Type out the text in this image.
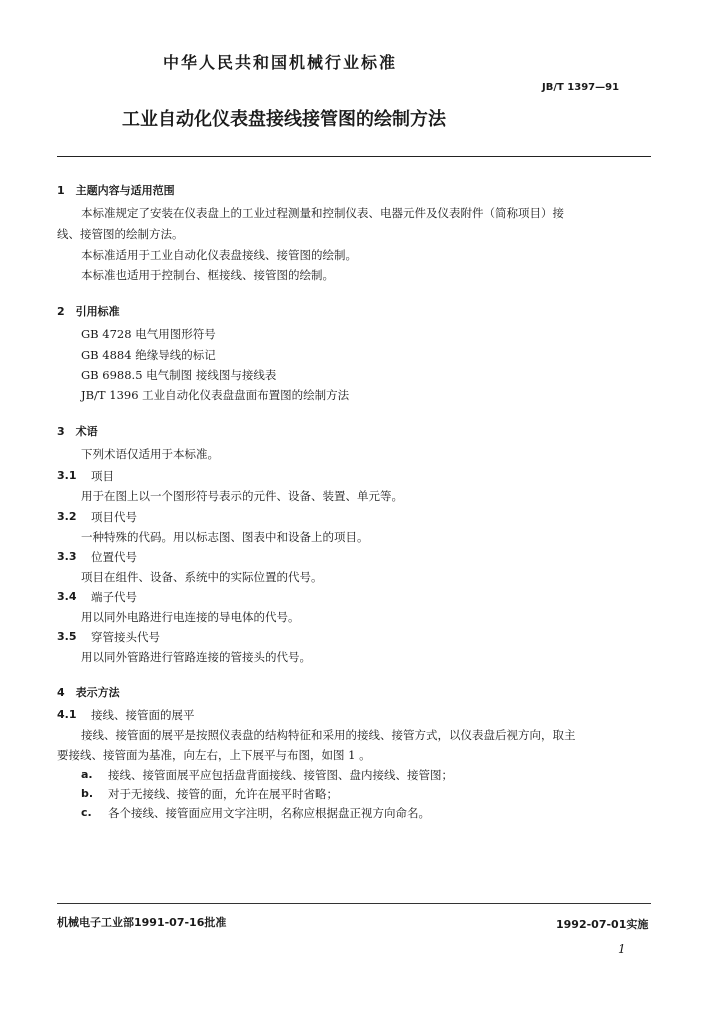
中华人民共和国机械行业标准
JB/T 1397—91
工业自动化仪表盘接线接管图的绘制方法
1　主题内容与适用范围
本标准规定了安装在仪表盘上的工业过程测量和控制仪表、电器元件及仪表附件（简称项目）接
线、接管图的绘制方法。
本标准适用于工业自动化仪表盘接线、接管图的绘制。
本标准也适用于控制台、框接线、接管图的绘制。
2　引用标准
GB 4728 电气用图形符号
GB 4884 绝缘导线的标记
GB 6988.5 电气制图 接线图与接线表
JB/T 1396 工业自动化仪表盘盘面布置图的绘制方法
3　术语
下列术语仅适用于本标准。
3.1 项目
用于在图上以一个图形符号表示的元件、设备、装置、单元等。
3.2 项目代号
一种特殊的代码。用以标志图、图表中和设备上的项目。
3.3 位置代号
项目在组件、设备、系统中的实际位置的代号。
3.4 端子代号
用以同外电路进行电连接的导电体的代号。
3.5 穿管接头代号
用以同外管路进行管路连接的管接头的代号。
4　表示方法
4.1 接线、接管面的展平
接线、接管面的展平是按照仪表盘的结构特征和采用的接线、接管方式，以仪表盘后视方向，取主
要接线、接管面为基准，向左右，上下展平与布图，如图 1 。
a. 接线、接管面展平应包括盘背面接线、接管图、盘内接线、接管图；
b. 对于无接线、接管的面，允许在展平时省略；
c. 各个接线、接管面应用文字注明，名称应根据盘正视方向命名。
机械电子工业部1991-07-16批准	1992-07-01实施
1
